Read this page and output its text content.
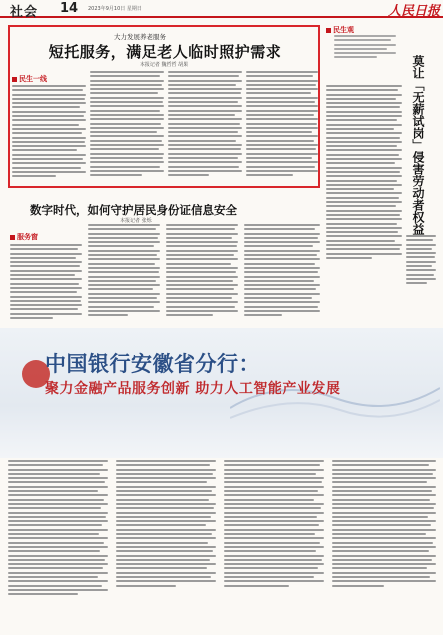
社会 14 2023年9月10日 星期日	人民日报
大力发展养老服务
短托服务，满足老人临时照护需求
本报记者 魏哲哲 胡果
民生一线
民生观
莫让「无薪试岗」侵害劳动者权益
数字时代，如何守护居民身份证信息安全
本报记者 张烁
服务窗
中国银行安徽省分行：
聚力金融产品服务创新 助力人工智能产业发展
